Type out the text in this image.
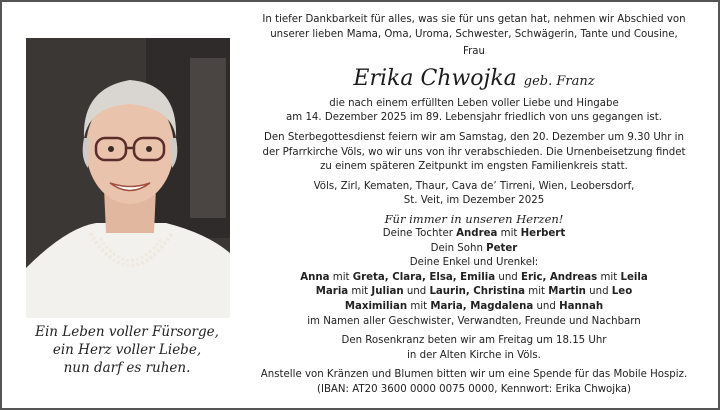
Ein Leben voller Fürsorge,
ein Herz voller Liebe,
nun darf es ruhen.
In tiefer Dankbarkeit für alles, was sie für uns getan hat, nehmen wir Abschied von
unserer lieben Mama, Oma, Uroma, Schwester, Schwägerin, Tante und Cousine,
Frau
Erika Chwojka geb. Franz
die nach einem erfüllten Leben voller Liebe und Hingabe
am 14. Dezember 2025 im 89. Lebensjahr friedlich von uns gegangen ist.
Den Sterbegottesdienst feiern wir am Samstag, den 20. Dezember um 9.30 Uhr in
der Pfarrkirche Völs, wo wir uns von ihr verabschieden. Die Urnenbeisetzung findet
zu einem späteren Zeitpunkt im engsten Familienkreis statt.
Völs, Zirl, Kematen, Thaur, Cava de’ Tirreni, Wien, Leobersdorf,
St. Veit, im Dezember 2025
Für immer in unseren Herzen!
Deine Tochter Andrea mit Herbert
Dein Sohn Peter
Deine Enkel und Urenkel:
Anna mit Greta, Clara, Elsa, Emilia und Eric, Andreas mit Leila
Maria mit Julian und Laurin, Christina mit Martin und Leo
Maximilian mit Maria, Magdalena und Hannah
im Namen aller Geschwister, Verwandten, Freunde und Nachbarn
Den Rosenkranz beten wir am Freitag um 18.15 Uhr
in der Alten Kirche in Völs.
Anstelle von Kränzen und Blumen bitten wir um eine Spende für das Mobile Hospiz.
(IBAN: AT20 3600 0000 0075 0000, Kennwort: Erika Chwojka)
